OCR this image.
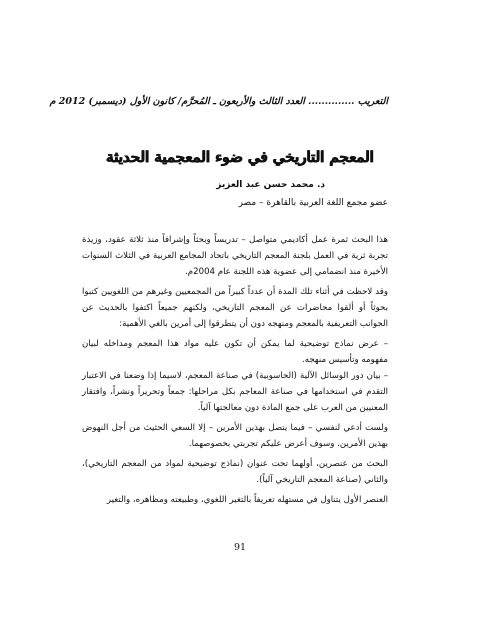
التعريب .............. العدد الثالث والأربعون ـ المُحرَّم/ كانون الأول (ديسمبر) 2012 م
المعجم التاريخي في ضوء المعجمية الحديثة
د. محمد حسن عبد العزيز
عضو مجمع اللغة العربية بالقاهرة – مصر

هذا البحث ثمرة عمل أكاديمي متواصل – تدريساً وبحثاً وإشرافاً منذ ثلاثة عقود، وزيدة تجربة ثرية في العمل بلجنة المعجم التاريخي باتحاد المجامع العربية في الثلاث السنوات الأخيرة منذ انضمامي إلى عضوية هذه اللجنة عام 2004م.

وقد لاحظت في أثناء تلك المدة أن عدداً كبيراً من المجمعيين وغيرهم من اللغويين كتبوا بحوثاً أو ألقوا محاضرات عن المعجم التاريخي، ولكنهم جميعاً اكتفوا بالحديث عن الجوانب التعريفية بالمعجم ومنهجه دون أن يتطرقوا إلى أمرين بالغي الأهمية:

– عرض نماذج توضيحية لما يمكن أن تكون عليه مواد هذا المعجم ومداخله لبيان مفهومه وتأسيس منهجه.

– بيان دور الوسائل الآلية (الحاسوبية) في صناعة المعجم، لاسيما إذا وضعنا في الاعتبار التقدم في استخدامها في صناعة المعاجم بكل مراحلها: جمعاً وتحريراً ونشراً، وافتقار المعنيين من العرب على جمع المادة دون معالجتها آلياً.

ولست أدعي لنفسي – فيما يتصل بهذين الأمرين – إلا السعي الحثيث من أجل النهوض بهذين الأمرين. وسوف أعرض عليكم تجربتي بخصوصهما.

البحث من عنصرين، أولهما تحت عنوان (نماذج توضيحية لمواد من المعجم التاريخي)، والثاني (صناعة المعجم التاريخي آلياً).

العنصر الأول يتناول في مستهله تعريفاً بالتغير اللغوي، وطبيعته ومظاهره، والتغير

91
